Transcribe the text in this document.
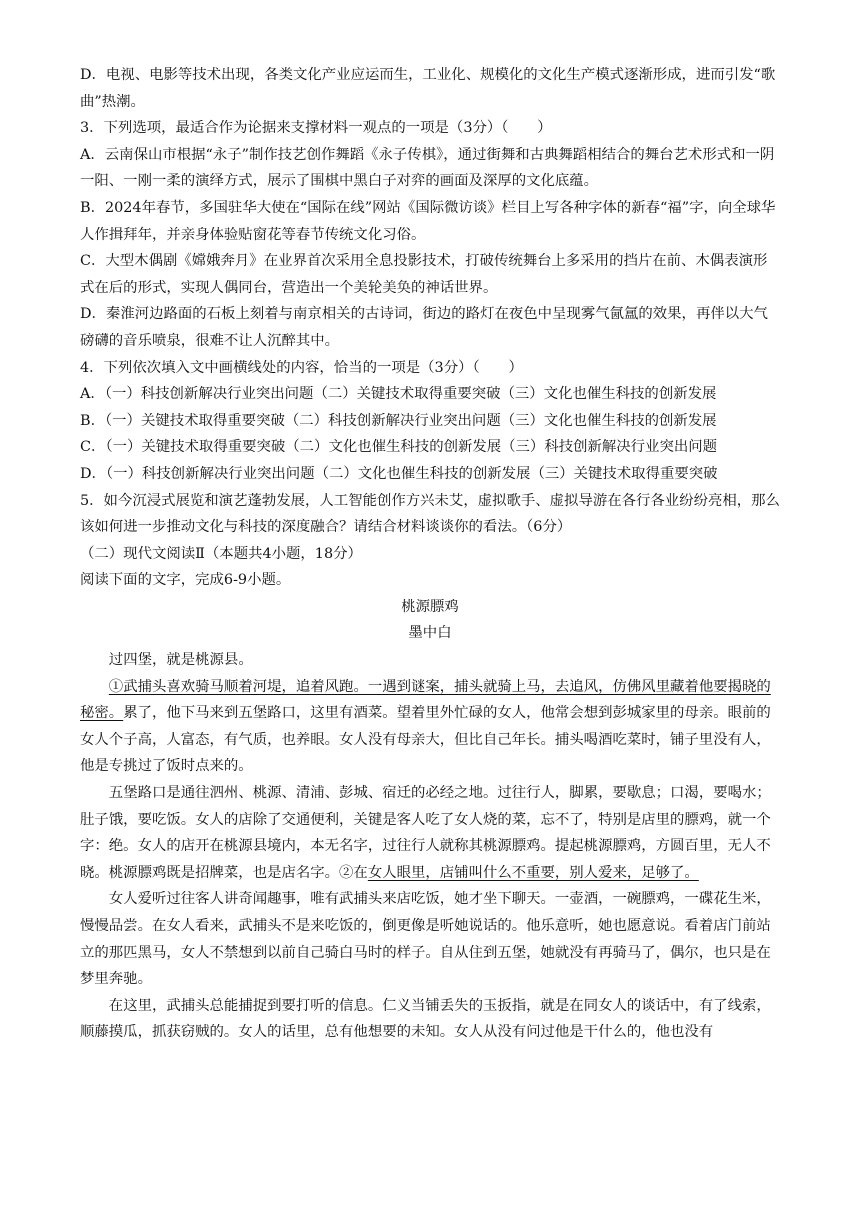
D．电视、电影等技术出现，各类文化产业应运而生，工业化、规模化的文化生产模式逐渐形成，进而引发“歌曲”热潮。

3．下列选项，最适合作为论据来支撑材料一观点的一项是（3分）（　　）

A．云南保山市根据“永子”制作技艺创作舞蹈《永子传棋》，通过街舞和古典舞蹈相结合的舞台艺术形式和一阴一阳、一刚一柔的演绎方式，展示了围棋中黑白子对弈的画面及深厚的文化底蕴。

B．2024年春节，多国驻华大使在“国际在线”网站《国际微访谈》栏目上写各种字体的新春“福”字，向全球华人作揖拜年，并亲身体验贴窗花等春节传统文化习俗。

C．大型木偶剧《嫦娥奔月》在业界首次采用全息投影技术，打破传统舞台上多采用的挡片在前、木偶表演形式在后的形式，实现人偶同台，营造出一个美轮美奂的神话世界。

D．秦淮河边路面的石板上刻着与南京相关的古诗词，街边的路灯在夜色中呈现雾气氤氲的效果，再伴以大气磅礴的音乐喷泉，很难不让人沉醉其中。

4．下列依次填入文中画横线处的内容，恰当的一项是（3分）（　　）

A．（一）科技创新解决行业突出问题（二）关键技术取得重要突破（三）文化也催生科技的创新发展

B．（一）关键技术取得重要突破（二）科技创新解决行业突出问题（三）文化也催生科技的创新发展

C．（一）关键技术取得重要突破（二）文化也催生科技的创新发展（三）科技创新解决行业突出问题

D．（一）科技创新解决行业突出问题（二）文化也催生科技的创新发展（三）关键技术取得重要突破

5．如今沉浸式展览和演艺蓬勃发展，人工智能创作方兴未艾，虚拟歌手、虚拟导游在各行各业纷纷亮相，那么该如何进一步推动文化与科技的深度融合？请结合材料谈谈你的看法。（6分）

（二）现代文阅读Ⅱ（本题共4小题，18分）

阅读下面的文字，完成6-9小题。

桃源膘鸡

墨中白

过四堡，就是桃源县。

①武捕头喜欢骑马顺着河堤，追着风跑。一遇到谜案，捕头就骑上马，去追风，仿佛风里藏着他要揭晓的秘密。累了，他下马来到五堡路口，这里有酒菜。望着里外忙碌的女人，他常会想到彭城家里的母亲。眼前的女人个子高，人富态，有气质，也养眼。女人没有母亲大，但比自己年长。捕头喝酒吃菜时，铺子里没有人，他是专挑过了饭时点来的。

五堡路口是通往泗州、桃源、清浦、彭城、宿迁的必经之地。过往行人，脚累，要歇息；口渴，要喝水；肚子饿，要吃饭。女人的店除了交通便利，关键是客人吃了女人烧的菜，忘不了，特别是店里的膘鸡，就一个字：绝。女人的店开在桃源县境内，本无名字，过往行人就称其桃源膘鸡。提起桃源膘鸡，方圆百里，无人不晓。桃源膘鸡既是招牌菜，也是店名字。②在女人眼里，店铺叫什么不重要，别人爱来，足够了。

女人爱听过往客人讲奇闻趣事，唯有武捕头来店吃饭，她才坐下聊天。一壶酒，一碗膘鸡，一碟花生米，慢慢品尝。在女人看来，武捕头不是来吃饭的，倒更像是听她说话的。他乐意听，她也愿意说。看着店门前站立的那匹黑马，女人不禁想到以前自己骑白马时的样子。自从住到五堡，她就没有再骑马了，偶尔，也只是在梦里奔驰。

在这里，武捕头总能捕捉到要打听的信息。仁义当铺丢失的玉扳指，就是在同女人的谈话中，有了线索，顺藤摸瓜，抓获窃贼的。女人的话里，总有他想要的未知。女人从没有问过他是干什么的，他也没有
